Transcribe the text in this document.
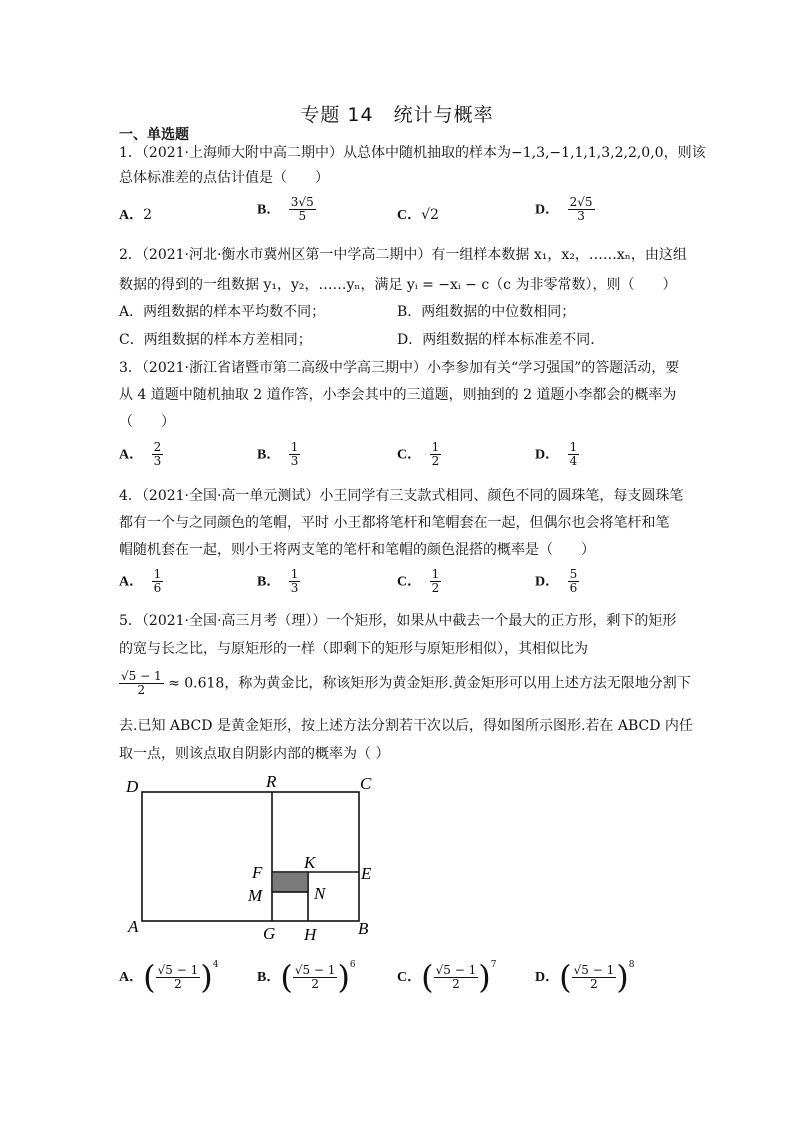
专题 14　统计与概率
一、单选题
1．（2021·上海师大附中高二期中）从总体中随机抽取的样本为−1,3,−1,1,1,3,2,2,0,0，则该
总体标准差的点估计值是（　　）
A．2	B． $\frac{3√5}{5}$	C．√2	D． $\frac{2√5}{3}$
2．（2021·河北·衡水市冀州区第一中学高二期中）有一组样本数据 x₁，x₂，……xₙ，由这组
数据的得到的一组数据 y₁，y₂，……yₙ，满足 yᵢ = −xᵢ − c（c 为非零常数），则（　　）
A．两组数据的样本平均数不同；	B．两组数据的中位数相同；
C．两组数据的样本方差相同；	D．两组数据的样本标准差不同.
3．（2021·浙江省诸暨市第二高级中学高三期中）小李参加有关“学习强国”的答题活动，要
从 4 道题中随机抽取 2 道作答，小李会其中的三道题，则抽到的 2 道题小李都会的概率为
（　　）
A． $\frac{2}{3}$	B． $\frac{1}{3}$	C． $\frac{1}{2}$	D． $\frac{1}{4}$
4．（2021·全国·高一单元测试）小王同学有三支款式相同、颜色不同的圆珠笔，每支圆珠笔
都有一个与之同颜色的笔帽，平时 小王都将笔杆和笔帽套在一起，但偶尔也会将笔杆和笔
帽随机套在一起，则小王将两支笔的笔杆和笔帽的颜色混搭的概率是（　　）
A． $\frac{1}{6}$	B． $\frac{1}{3}$	C． $\frac{1}{2}$	D． $\frac{5}{6}$
5．（2021·全国·高三月考（理））一个矩形，如果从中截去一个最大的正方形，剩下的矩形
的宽与长之比，与原矩形的一样（即剩下的矩形与原矩形相似），其相似比为
$\frac{√5 - 1}{2} \approx 0.618$，称为黄金比，称该矩形为黄金矩形.黄金矩形可以用上述方法无限地分割下
去.已知 ABCD 是黄金矩形，按上述方法分割若干次以后，得如图所示图形.若在 ABCD 内任
取一点，则该点取自阴影内部的概率为（ ）
D	R	C
F
K
E
M	N
A	G H B
A．( $\frac{√5 - 1}{2} )^4$
B．( $\frac{√5 - 1}{2} )^6$
C．( $\frac{√5 - 1}{2} )^7$
D．( $\frac{√5 - 1}{2} )^8$
